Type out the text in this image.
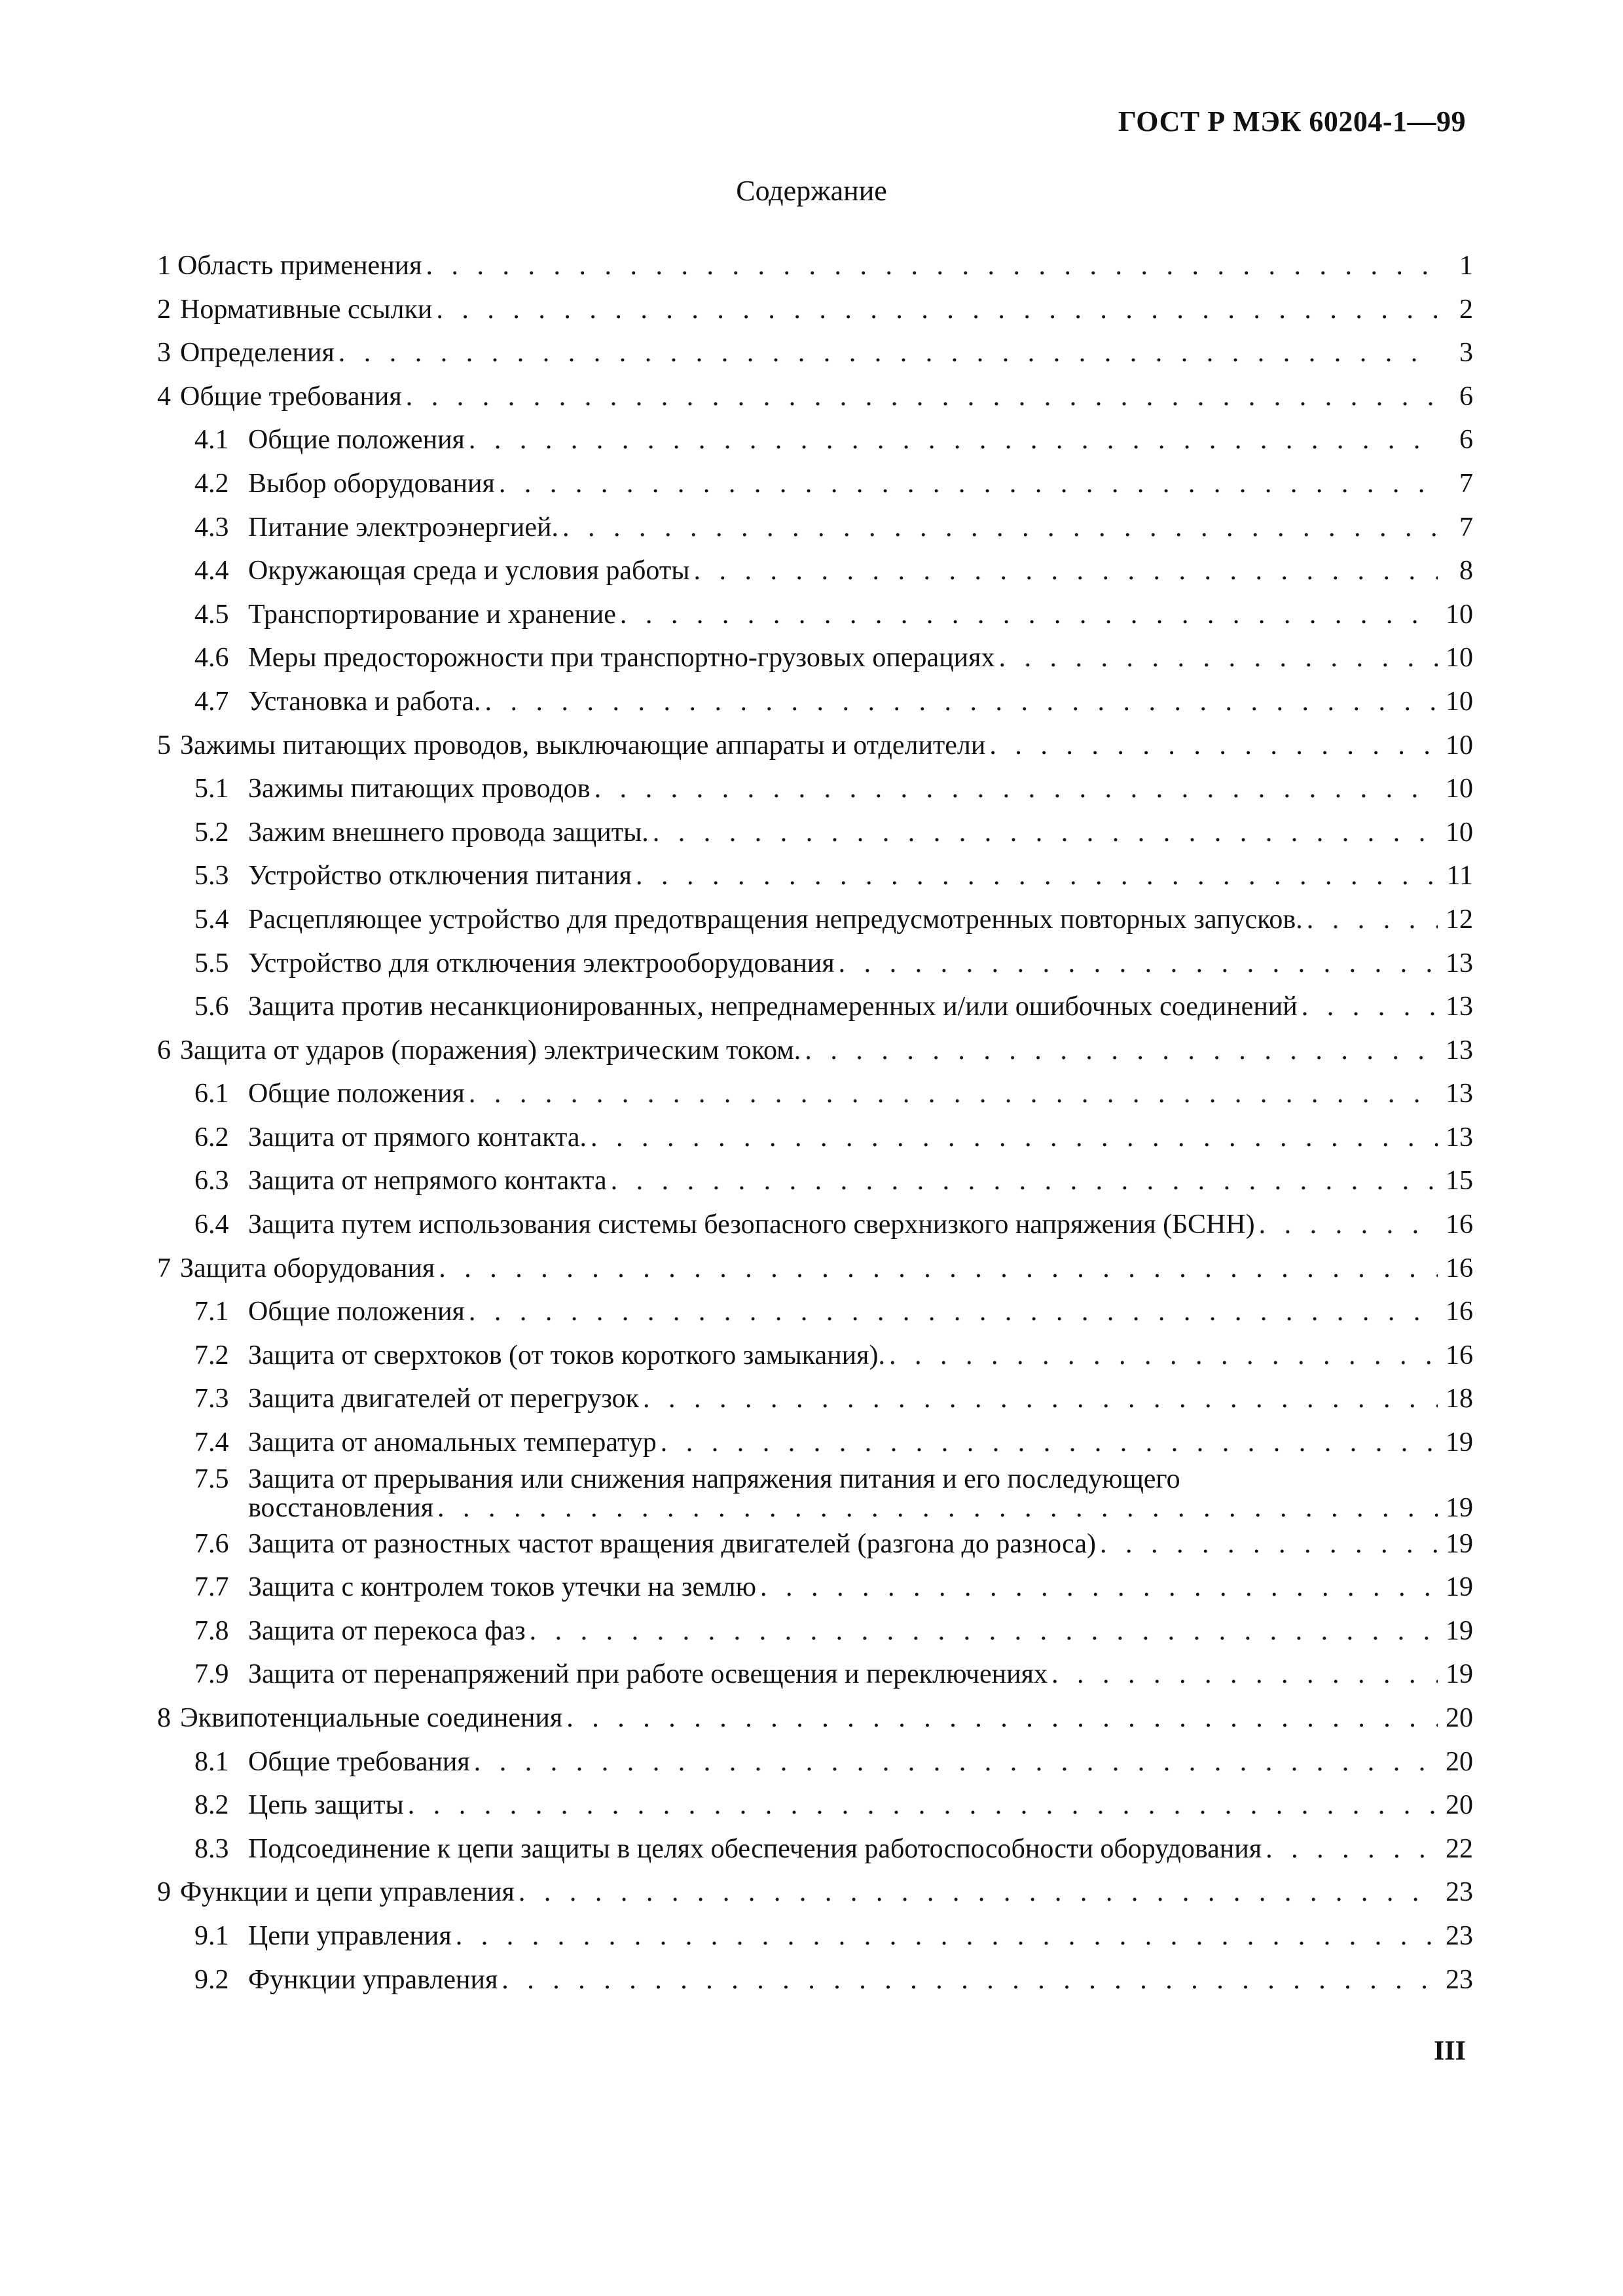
ГОСТ Р МЭК 60204-1—99
Содержание
1 Область применения . . .	1
2 Нормативные ссылки . . .	2
3 Определения . . .	3
4 Общие требования . . .	6
4.1 Общие положения . . .	6
4.2 Выбор оборудования . . .	7
4.3 Питание электроэнергией. . . .	7
4.4 Окружающая среда и условия работы . . .	8
4.5 Транспортирование и хранение . . .	10
4.6 Меры предосторожности при транспортно-грузовых операциях . . .	10
4.7 Установка и работа. . . .	10
5 Зажимы питающих проводов, выключающие аппараты и отделители . . .	10
5.1 Зажимы питающих проводов . . .	10
5.2 Зажим внешнего провода защиты. . . .	10
5.3 Устройство отключения питания . . .	11
5.4 Расцепляющее устройство для предотвращения непредусмотренных повторных запусков. . . .	12
5.5 Устройство для отключения электрооборудования . . .	13
5.6 Защита против несанкционированных, непреднамеренных и/или ошибочных соединений . . .	13
6 Защита от ударов (поражения) электрическим током. . . .	13
6.1 Общие положения . . .	13
6.2 Защита от прямого контакта. . . .	13
6.3 Защита от непрямого контакта . . .	15
6.4 Защита путем использования системы безопасного сверхнизкого напряжения (БСНН) . . .	16
7 Защита оборудования . . .	16
7.1 Общие положения . . .	16
7.2 Защита от сверхтоков (от токов короткого замыкания). . . .	16
7.3 Защита двигателей от перегрузок . . .	18
7.4 Защита от аномальных температур . . .	19
7.5 Защита от прерывания или снижения напряжения питания и его последующего
восстановления . . .	19
7.6 Защита от разностных частот вращения двигателей (разгона до разноса) . . .	19
7.7 Защита с контролем токов утечки на землю . . .	19
7.8 Защита от перекоса фаз . . .	19
7.9 Защита от перенапряжений при работе освещения и переключениях . . .	19
8 Эквипотенциальные соединения . . .	20
8.1 Общие требования . . .	20
8.2 Цепь защиты . . .	20
8.3 Подсоединение к цепи защиты в целях обеспечения работоспособности оборудования . . .	22
9 Функции и цепи управления . . .	23
9.1 Цепи управления . . .	23
9.2 Функции управления . . .	23
III
